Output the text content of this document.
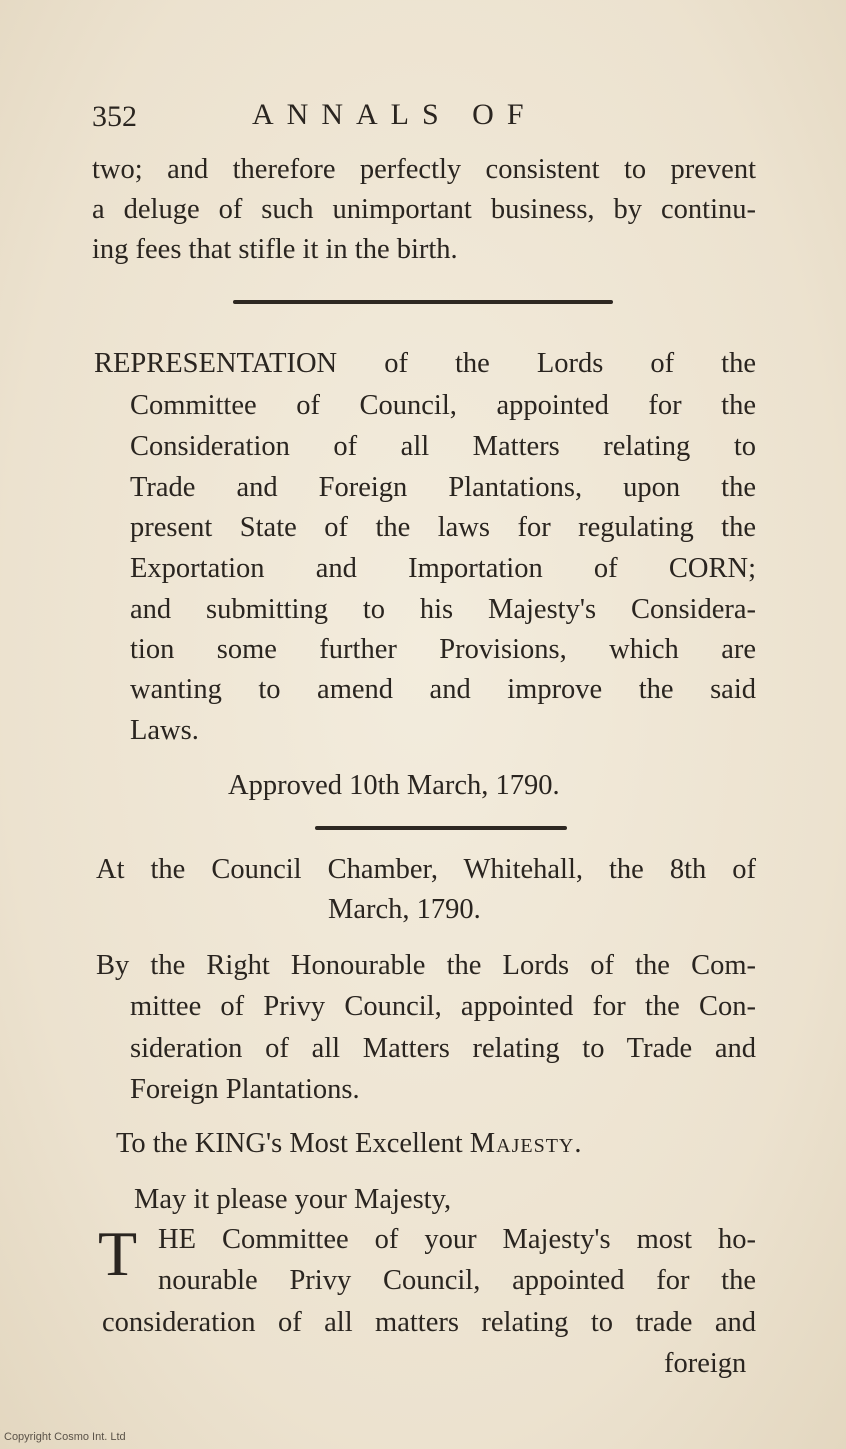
352	ANNALS OF
two; and therefore perfectly consistent to prevent
a deluge of such unimportant business, by continu-
ing fees that stifle it in the birth.
REPRESENTATION of the Lords of the
Committee of Council, appointed for the
Consideration of all Matters relating to
Trade and Foreign Plantations, upon the
present State of the laws for regulating the
Exportation and Importation of CORN;
and submitting to his Majesty's Considera-
tion some further Provisions, which are
wanting to amend and improve the said
Laws.
Approved 10th March, 1790.
At the Council Chamber, Whitehall, the 8th of
March, 1790.
By the Right Honourable the Lords of the Com-
mittee of Privy Council, appointed for the Con-
sideration of all Matters relating to Trade and
Foreign Plantations.
To the KING's Most Excellent Majesty.
May it please your Majesty,
T HE Committee of your Majesty's most ho-
nourable Privy Council, appointed for the
consideration of all matters relating to trade and
foreign
Copyright Cosmo Int. Ltd
